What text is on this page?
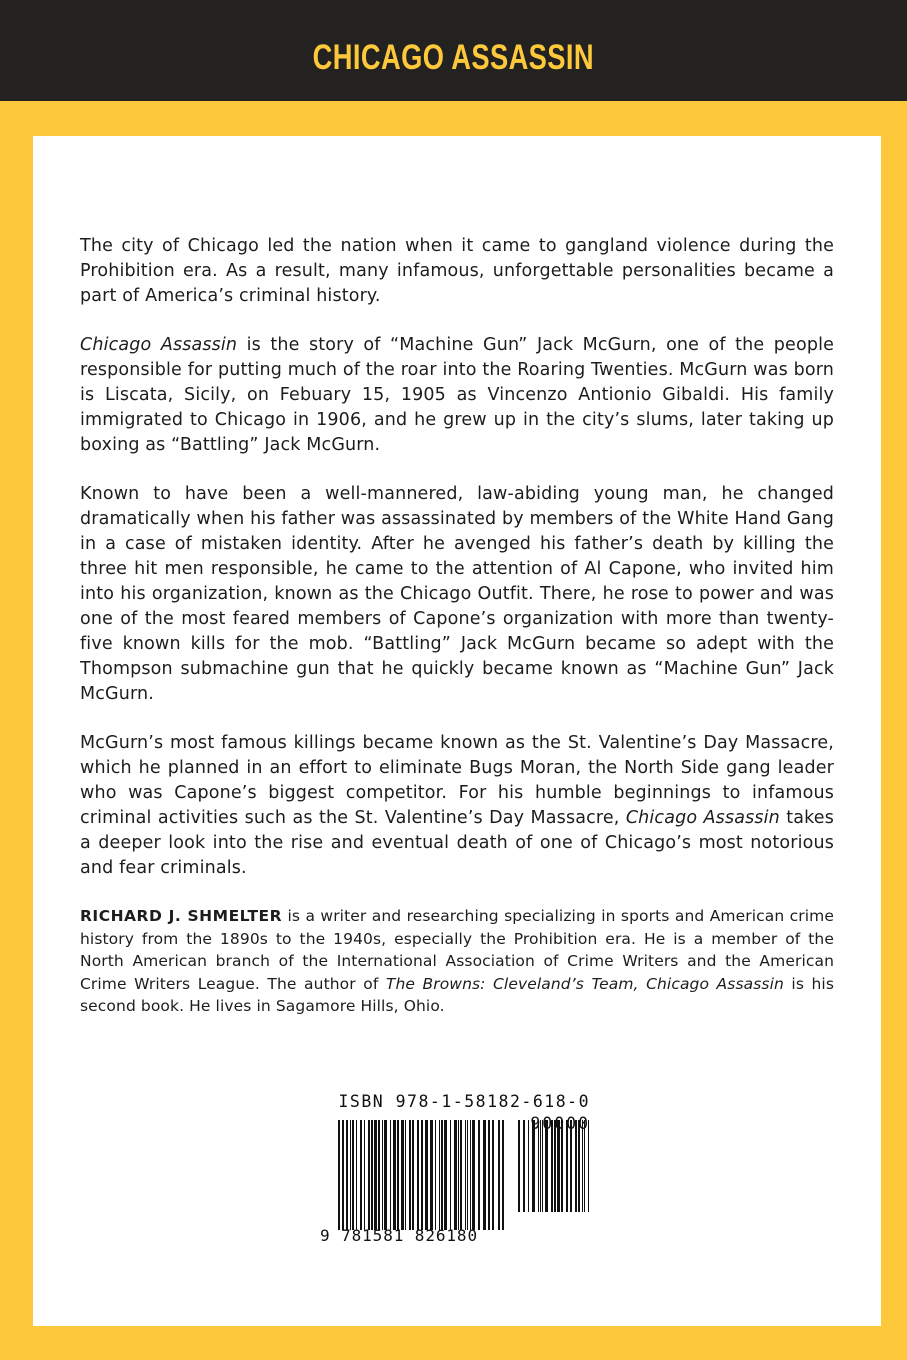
CHICAGO ASSASSIN

The city of Chicago led the nation when it came to gangland violence during the Prohibition era. As a result, many infamous, unforgettable personalities became a part of America’s criminal history.

Chicago Assassin is the story of “Machine Gun” Jack McGurn, one of the people responsible for putting much of the roar into the Roaring Twenties. McGurn was born is Liscata, Sicily, on Febuary 15, 1905 as Vincenzo Antionio Gibaldi. His family immigrated to Chicago in 1906, and he grew up in the city’s slums, later taking up boxing as “Battling” Jack McGurn.

Known to have been a well-mannered, law-abiding young man, he changed dramatically when his father was assassinated by members of the White Hand Gang in a case of mistaken identity. After he avenged his father’s death by killing the three hit men responsible, he came to the attention of Al Capone, who invited him into his organization, known as the Chicago Outfit. There, he rose to power and was one of the most feared members of Capone’s organization with more than twenty-five known kills for the mob. “Battling” Jack McGurn became so adept with the Thompson submachine gun that he quickly became known as “Machine Gun” Jack McGurn.

McGurn’s most famous killings became known as the St. Valentine’s Day Massacre, which he planned in an effort to eliminate Bugs Moran, the North Side gang leader who was Capone’s biggest competitor. For his humble beginnings to infamous criminal activities such as the St. Valentine’s Day Massacre, Chicago Assassin takes a deeper look into the rise and eventual death of one of Chicago’s most notorious and fear criminals.

RICHARD J. SHMELTER is a writer and researching specializing in sports and American crime history from the 1890s to the 1940s, especially the Prohibition era. He is a member of the North American branch of the International Association of Crime Writers and the American Crime Writers League. The author of The Browns: Cleveland’s Team, Chicago Assassin is his second book. He lives in Sagamore Hills, Ohio.

ISBN 978-1-58182-618-0
90000
9 781581 826180
